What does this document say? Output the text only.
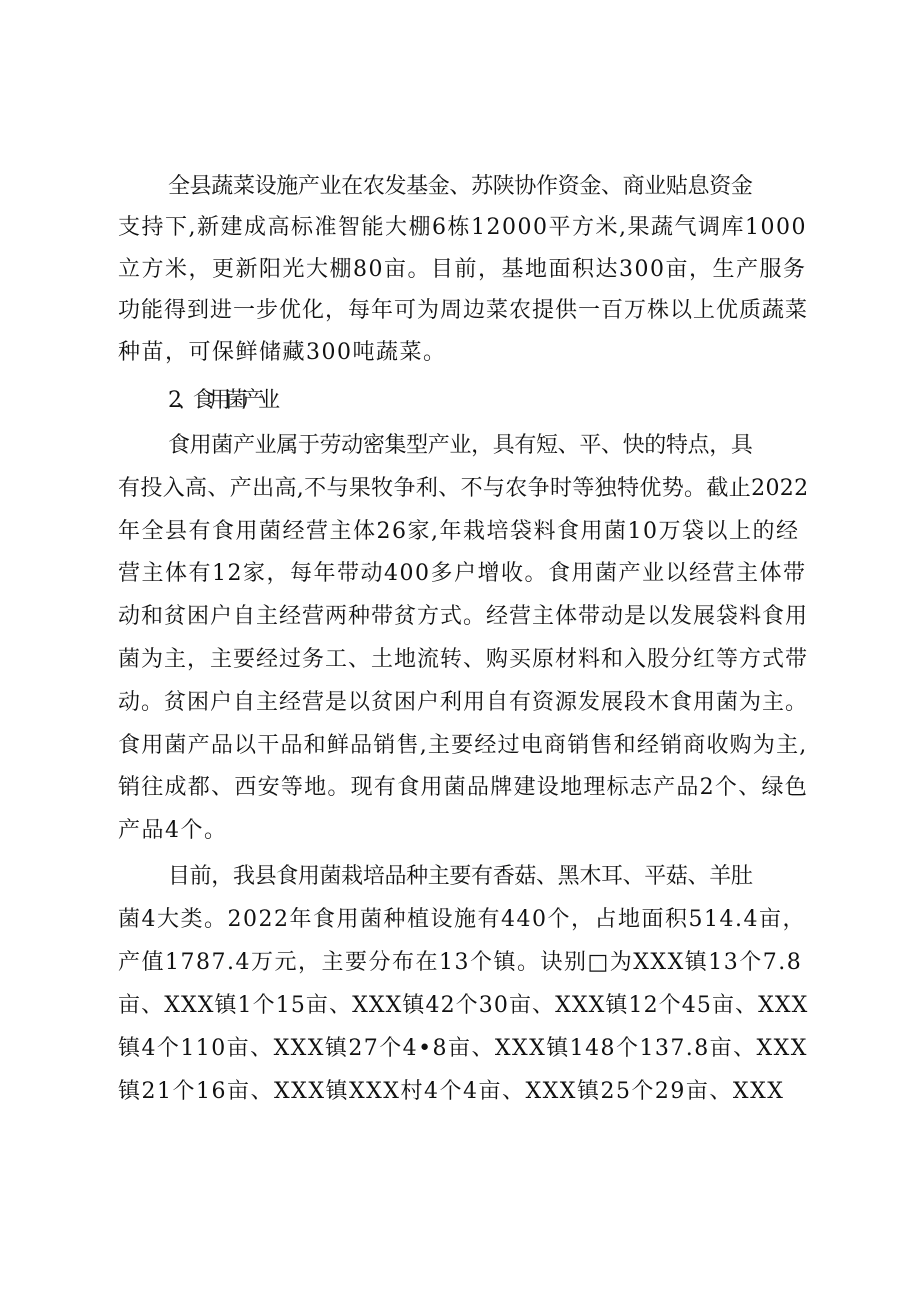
全县蔬菜设施产业在农发基金、苏陕协作资金、商业贴息资金
支持下,新建成高标准智能大棚6栋12000平方米,果蔬气调库1000
立方米，更新阳光大棚80亩。目前，基地面积达300亩，生产服务
功能得到进一步优化，每年可为周边菜农提供一百万株以上优质蔬菜
种苗，可保鲜储藏300吨蔬菜。
2、食用菌产业
食用菌产业属于劳动密集型产业，具有短、平、快的特点，具
有投入高、产出高,不与果牧争利、不与农争时等独特优势。截止2022
年全县有食用菌经营主体26家,年栽培袋料食用菌10万袋以上的经
营主体有12家，每年带动400多户增收。食用菌产业以经营主体带
动和贫困户自主经营两种带贫方式。经营主体带动是以发展袋料食用
菌为主，主要经过务工、土地流转、购买原材料和入股分红等方式带
动。贫困户自主经营是以贫困户利用自有资源发展段木食用菌为主。
食用菌产品以干品和鲜品销售,主要经过电商销售和经销商收购为主,
销往成都、西安等地。现有食用菌品牌建设地理标志产品2个、绿色
产品4个。
目前，我县食用菌栽培品种主要有香菇、黑木耳、平菇、羊肚
菌4大类。2022年食用菌种植设施有440个，占地面积514.4亩，
产值1787.4万元，主要分布在13个镇。诀别□为XXX镇13个7.8
亩、XXX镇1个15亩、XXX镇42个30亩、XXX镇12个45亩、XXX
镇4个110亩、XXX镇27个4•8亩、XXX镇148个137.8亩、XXX
镇21个16亩、XXX镇XXX村4个4亩、XXX镇25个29亩、XXX
